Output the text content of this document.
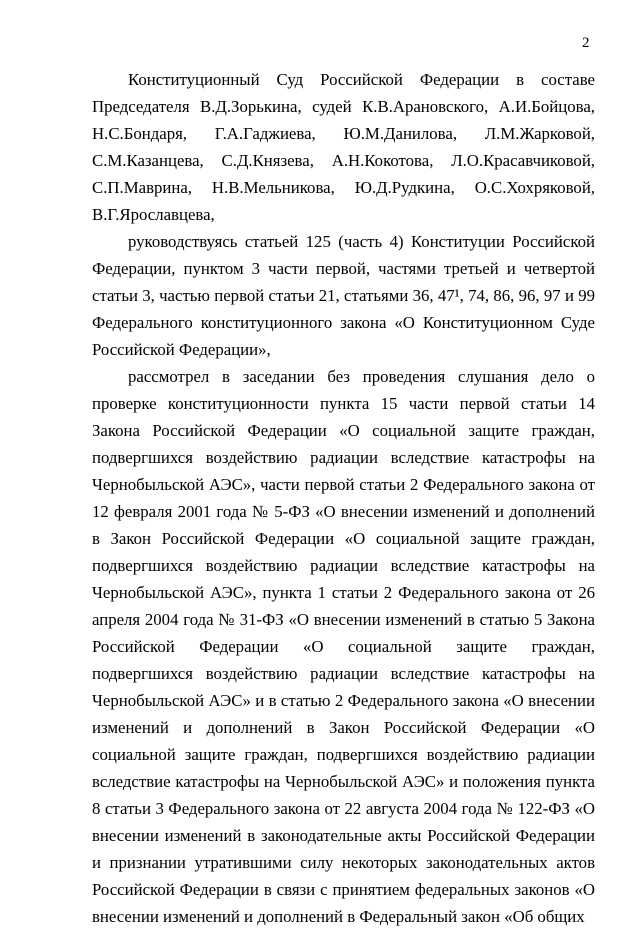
2

Конституционный Суд Российской Федерации в составе Председателя В.Д.Зорькина, судей К.В.Арановского, А.И.Бойцова, Н.С.Бондаря, Г.А.Гаджиева, Ю.М.Данилова, Л.М.Жарковой, С.М.Казанцева, С.Д.Князева, А.Н.Кокотова, Л.О.Красавчиковой, С.П.Маврина, Н.В.Мельникова, Ю.Д.Рудкина, О.С.Хохряковой, В.Г.Ярославцева,

руководствуясь статьей 125 (часть 4) Конституции Российской Федерации, пунктом 3 части первой, частями третьей и четвертой статьи 3, частью первой статьи 21, статьями 36, 47¹, 74, 86, 96, 97 и 99 Федерального конституционного закона «О Конституционном Суде Российской Федерации»,

рассмотрел в заседании без проведения слушания дело о проверке конституционности пункта 15 части первой статьи 14 Закона Российской Федерации «О социальной защите граждан, подвергшихся воздействию радиации вследствие катастрофы на Чернобыльской АЭС», части первой статьи 2 Федерального закона от 12 февраля 2001 года № 5-ФЗ «О внесении изменений и дополнений в Закон Российской Федерации «О социальной защите граждан, подвергшихся воздействию радиации вследствие катастрофы на Чернобыльской АЭС», пункта 1 статьи 2 Федерального закона от 26 апреля 2004 года № 31-ФЗ «О внесении изменений в статью 5 Закона Российской Федерации «О социальной защите граждан, подвергшихся воздействию радиации вследствие катастрофы на Чернобыльской АЭС» и в статью 2 Федерального закона «О внесении изменений и дополнений в Закон Российской Федерации «О социальной защите граждан, подвергшихся воздействию радиации вследствие катастрофы на Чернобыльской АЭС» и положения пункта 8 статьи 3 Федерального закона от 22 августа 2004 года № 122-ФЗ «О внесении изменений в законодательные акты Российской Федерации и признании утратившими силу некоторых законодательных актов Российской Федерации в связи с принятием федеральных законов «О внесении изменений и дополнений в Федеральный закон «Об общих
